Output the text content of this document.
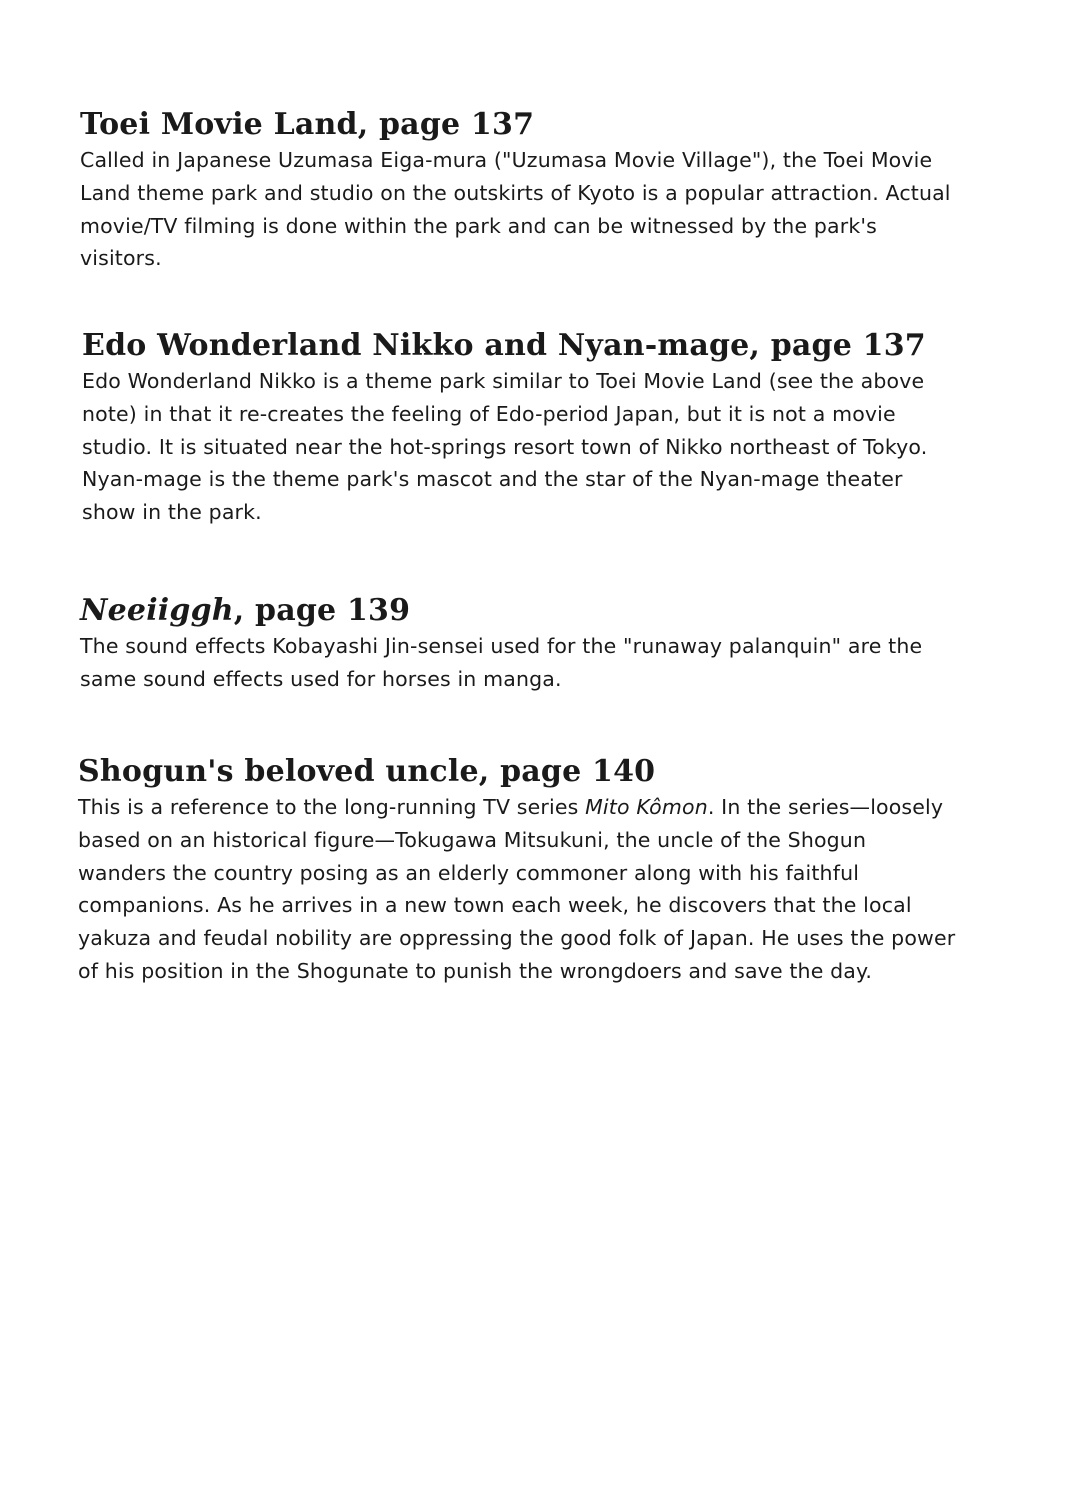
Toei Movie Land, page 137

Called in Japanese Uzumasa Eiga-mura ("Uzumasa Movie Village"), the Toei Movie Land theme park and studio on the outskirts of Kyoto is a popular attraction. Actual movie/TV filming is done within the park and can be witnessed by the park's visitors.

Edo Wonderland Nikko and Nyan-mage, page 137

Edo Wonderland Nikko is a theme park similar to Toei Movie Land (see the above note) in that it re-creates the feeling of Edo-period Japan, but it is not a movie studio. It is situated near the hot-springs resort town of Nikko northeast of Tokyo. Nyan-mage is the theme park's mascot and the star of the Nyan-mage theater show in the park.

Neeiiggh, page 139

The sound effects Kobayashi Jin-sensei used for the "runaway palanquin" are the same sound effects used for horses in manga.

Shogun's beloved uncle, page 140

This is a reference to the long-running TV series Mito Kômon. In the series—loosely based on an historical figure—Tokugawa Mitsukuni, the uncle of the Shogun wanders the country posing as an elderly commoner along with his faithful companions. As he arrives in a new town each week, he discovers that the local yakuza and feudal nobility are oppressing the good folk of Japan. He uses the power of his position in the Shogunate to punish the wrongdoers and save the day.
